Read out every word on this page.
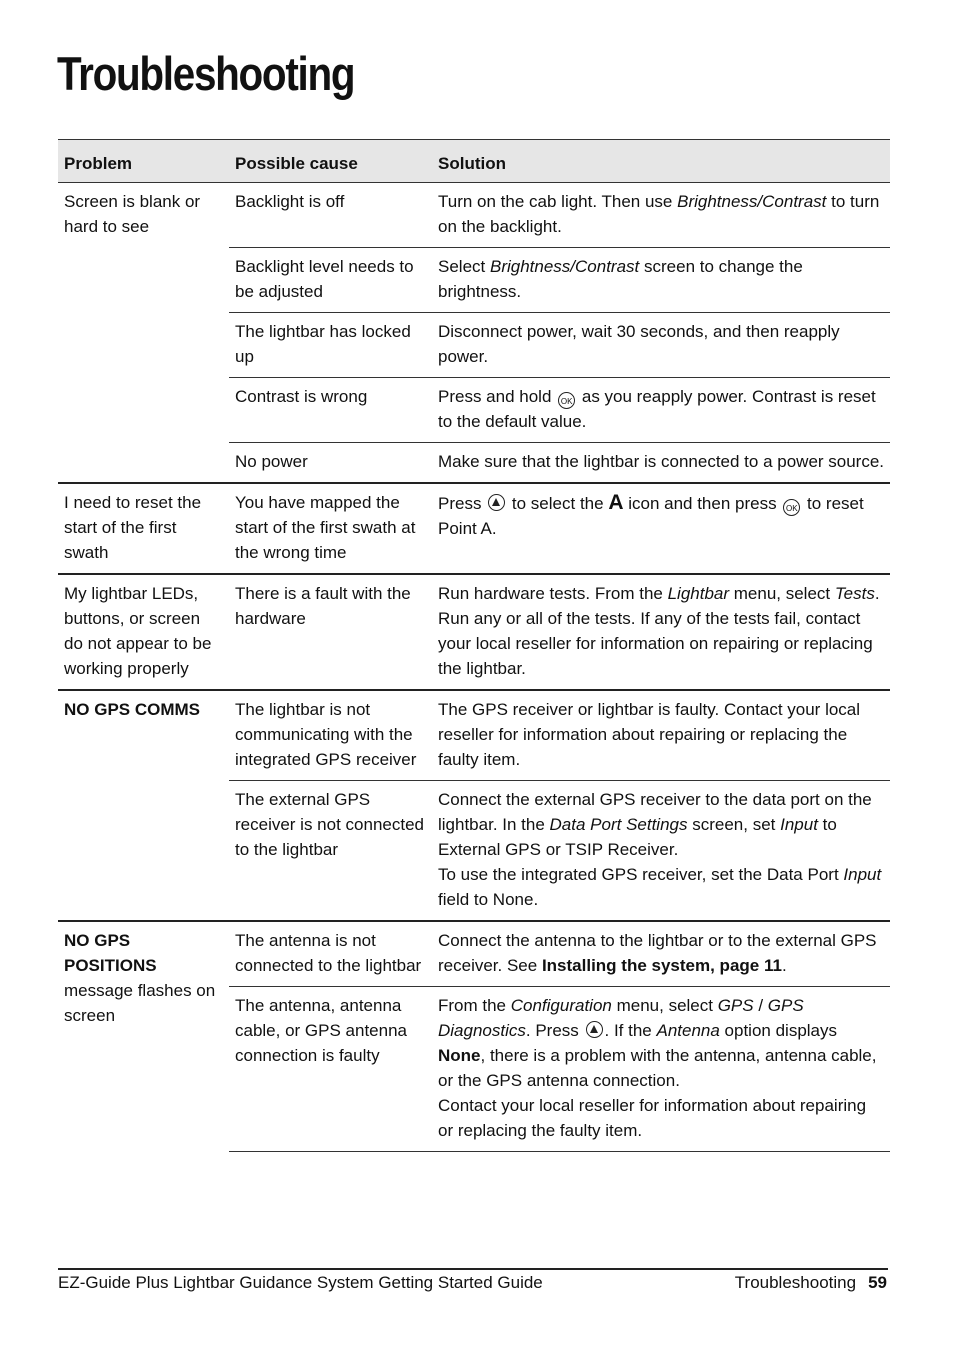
Troubleshooting
Problem	Possible cause	Solution
Screen is blank or hard to see	Backlight is off	Turn on the cab light. Then use Brightness/Contrast to turn on the backlight.
	Backlight level needs to be adjusted	Select Brightness/Contrast screen to change the brightness.
	The lightbar has locked up	Disconnect power, wait 30 seconds, and then reapply power.
	Contrast is wrong	Press and hold OK as you reapply power. Contrast is reset to the default value.
	No power	Make sure that the lightbar is connected to a power source.
I need to reset the start of the first swath	You have mapped the start of the first swath at the wrong time	Press  to select the A icon and then press OK to reset Point A.
My lightbar LEDs, buttons, or screen do not appear to be working properly	There is a fault with the hardware	Run hardware tests. From the Lightbar menu, select Tests. Run any or all of the tests. If any of the tests fail, contact your local reseller for information on repairing or replacing the lightbar.
NO GPS COMMS	The lightbar is not communicating with the integrated GPS receiver	The GPS receiver or lightbar is faulty. Contact your local reseller for information about repairing or replacing the faulty item.
	The external GPS receiver is not connected to the lightbar	Connect the external GPS receiver to the data port on the lightbar. In the Data Port Settings screen, set Input to External GPS or TSIP Receiver.
To use the integrated GPS receiver, set the Data Port Input field to None.
NO GPS POSITIONS message flashes on screen	The antenna is not connected to the lightbar	Connect the antenna to the lightbar or to the external GPS receiver. See Installing the system, page 11.
	The antenna, antenna cable, or GPS antenna connection is faulty	From the Configuration menu, select GPS / GPS Diagnostics. Press . If the Antenna option displays None, there is a problem with the antenna, antenna cable, or the GPS antenna connection.
Contact your local reseller for information about repairing or replacing the faulty item.
EZ-Guide Plus Lightbar Guidance System Getting Started Guide	Troubleshooting 59
